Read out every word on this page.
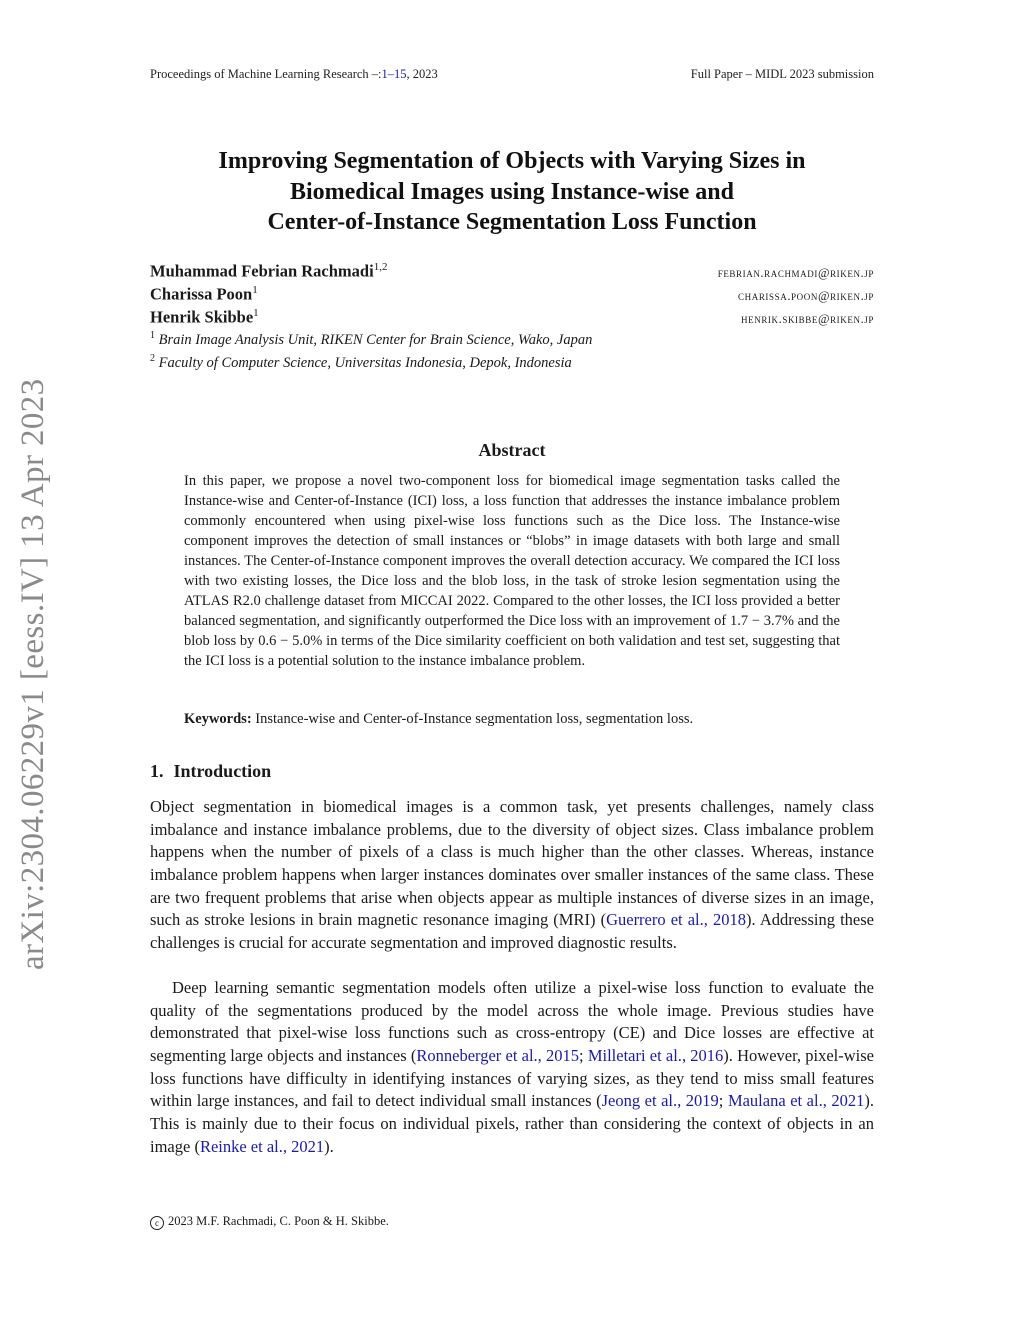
Proceedings of Machine Learning Research –:1–15, 2023	Full Paper – MIDL 2023 submission
arXiv:2304.06229v1 [eess.IV] 13 Apr 2023
Improving Segmentation of Objects with Varying Sizes in
Biomedical Images using Instance-wise and
Center-of-Instance Segmentation Loss Function
Muhammad Febrian Rachmadi$^{1,2}$	febrian.rachmadi@riken.jp
Charissa Poon$^1$	charissa.poon@riken.jp
Henrik Skibbe$^1$	henrik.skibbe@riken.jp
$^1$ Brain Image Analysis Unit, RIKEN Center for Brain Science, Wako, Japan
$^2$ Faculty of Computer Science, Universitas Indonesia, Depok, Indonesia
Abstract
In this paper, we propose a novel two-component loss for biomedical image segmentation tasks called the Instance-wise and Center-of-Instance (ICI) loss, a loss function that addresses the instance imbalance problem commonly encountered when using pixel-wise loss functions such as the Dice loss. The Instance-wise component improves the detection of small instances or “blobs” in image datasets with both large and small instances. The Center-of-Instance component improves the overall detection accuracy. We compared the ICI loss with two existing losses, the Dice loss and the blob loss, in the task of stroke lesion segmentation using the ATLAS R2.0 challenge dataset from MICCAI 2022. Compared to the other losses, the ICI loss provided a better balanced segmentation, and significantly outperformed the Dice loss with an improvement of 1.7 − 3.7% and the blob loss by 0.6 − 5.0% in terms of the Dice similarity coefficient on both validation and test set, suggesting that the ICI loss is a potential solution to the instance imbalance problem.
Keywords: Instance-wise and Center-of-Instance segmentation loss, segmentation loss.
1. Introduction
Object segmentation in biomedical images is a common task, yet presents challenges, namely class imbalance and instance imbalance problems, due to the diversity of object sizes. Class imbalance problem happens when the number of pixels of a class is much higher than the other classes. Whereas, instance imbalance problem happens when larger instances dominates over smaller instances of the same class. These are two frequent problems that arise when objects appear as multiple instances of diverse sizes in an image, such as stroke lesions in brain magnetic resonance imaging (MRI) (Guerrero et al., 2018). Addressing these challenges is crucial for accurate segmentation and improved diagnostic results.
Deep learning semantic segmentation models often utilize a pixel-wise loss function to evaluate the quality of the segmentations produced by the model across the whole image. Previous studies have demonstrated that pixel-wise loss functions such as cross-entropy (CE) and Dice losses are effective at segmenting large objects and instances (Ronneberger et al., 2015; Milletari et al., 2016). However, pixel-wise loss functions have difficulty in identifying instances of varying sizes, as they tend to miss small features within large instances, and fail to detect individual small instances (Jeong et al., 2019; Maulana et al., 2021). This is mainly due to their focus on individual pixels, rather than considering the context of objects in an image (Reinke et al., 2021).
c 2023 M.F. Rachmadi, C. Poon & H. Skibbe.
